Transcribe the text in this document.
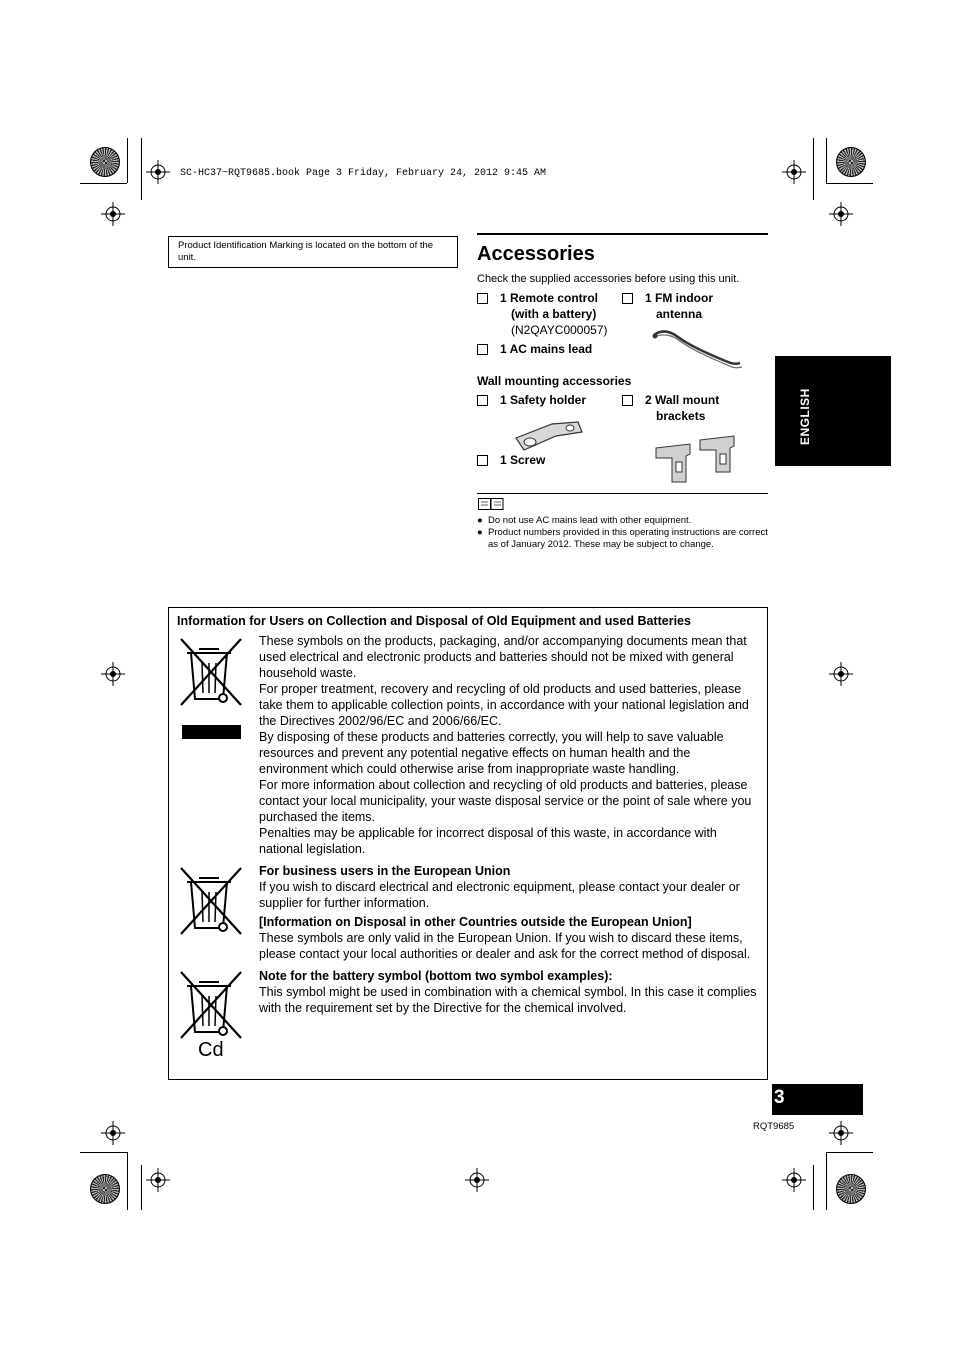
SC-HC37~RQT9685.book Page 3 Friday, February 24, 2012 9:45 AM
Product Identification Marking is located on the bottom of the unit.	Accessories
Check the supplied accessories before using this unit.
1 Remote control
(with a battery)
(N2QAYC000057)
1 FM indoor
antenna
1 AC mains lead
Wall mounting accessories
1 Safety holder	2 Wall mount
brackets
1 Screw
● Do not use AC mains lead with other equipment.
● Product numbers provided in this operating instructions are correct as of January 2012. These may be subject to change.
ENGLISH
Information for Users on Collection and Disposal of Old Equipment and used Batteries
These symbols on the products, packaging, and/or accompanying documents mean that used electrical and electronic products and batteries should not be mixed with general household waste.
For proper treatment, recovery and recycling of old products and used batteries, please take them to applicable collection points, in accordance with your national legislation and the Directives 2002/96/EC and 2006/66/EC.
By disposing of these products and batteries correctly, you will help to save valuable resources and prevent any potential negative effects on human health and the environment which could otherwise arise from inappropriate waste handling.
For more information about collection and recycling of old products and batteries, please contact your local municipality, your waste disposal service or the point of sale where you purchased the items.
Penalties may be applicable for incorrect disposal of this waste, in accordance with national legislation.
For business users in the European Union
If you wish to discard electrical and electronic equipment, please contact your dealer or supplier for further information.
[Information on Disposal in other Countries outside the European Union]
These symbols are only valid in the European Union. If you wish to discard these items, please contact your local authorities or dealer and ask for the correct method of disposal.
Cd
Note for the battery symbol (bottom two symbol examples):
This symbol might be used in combination with a chemical symbol. In this case it complies with the requirement set by the Directive for the chemical involved.
3
RQT9685
